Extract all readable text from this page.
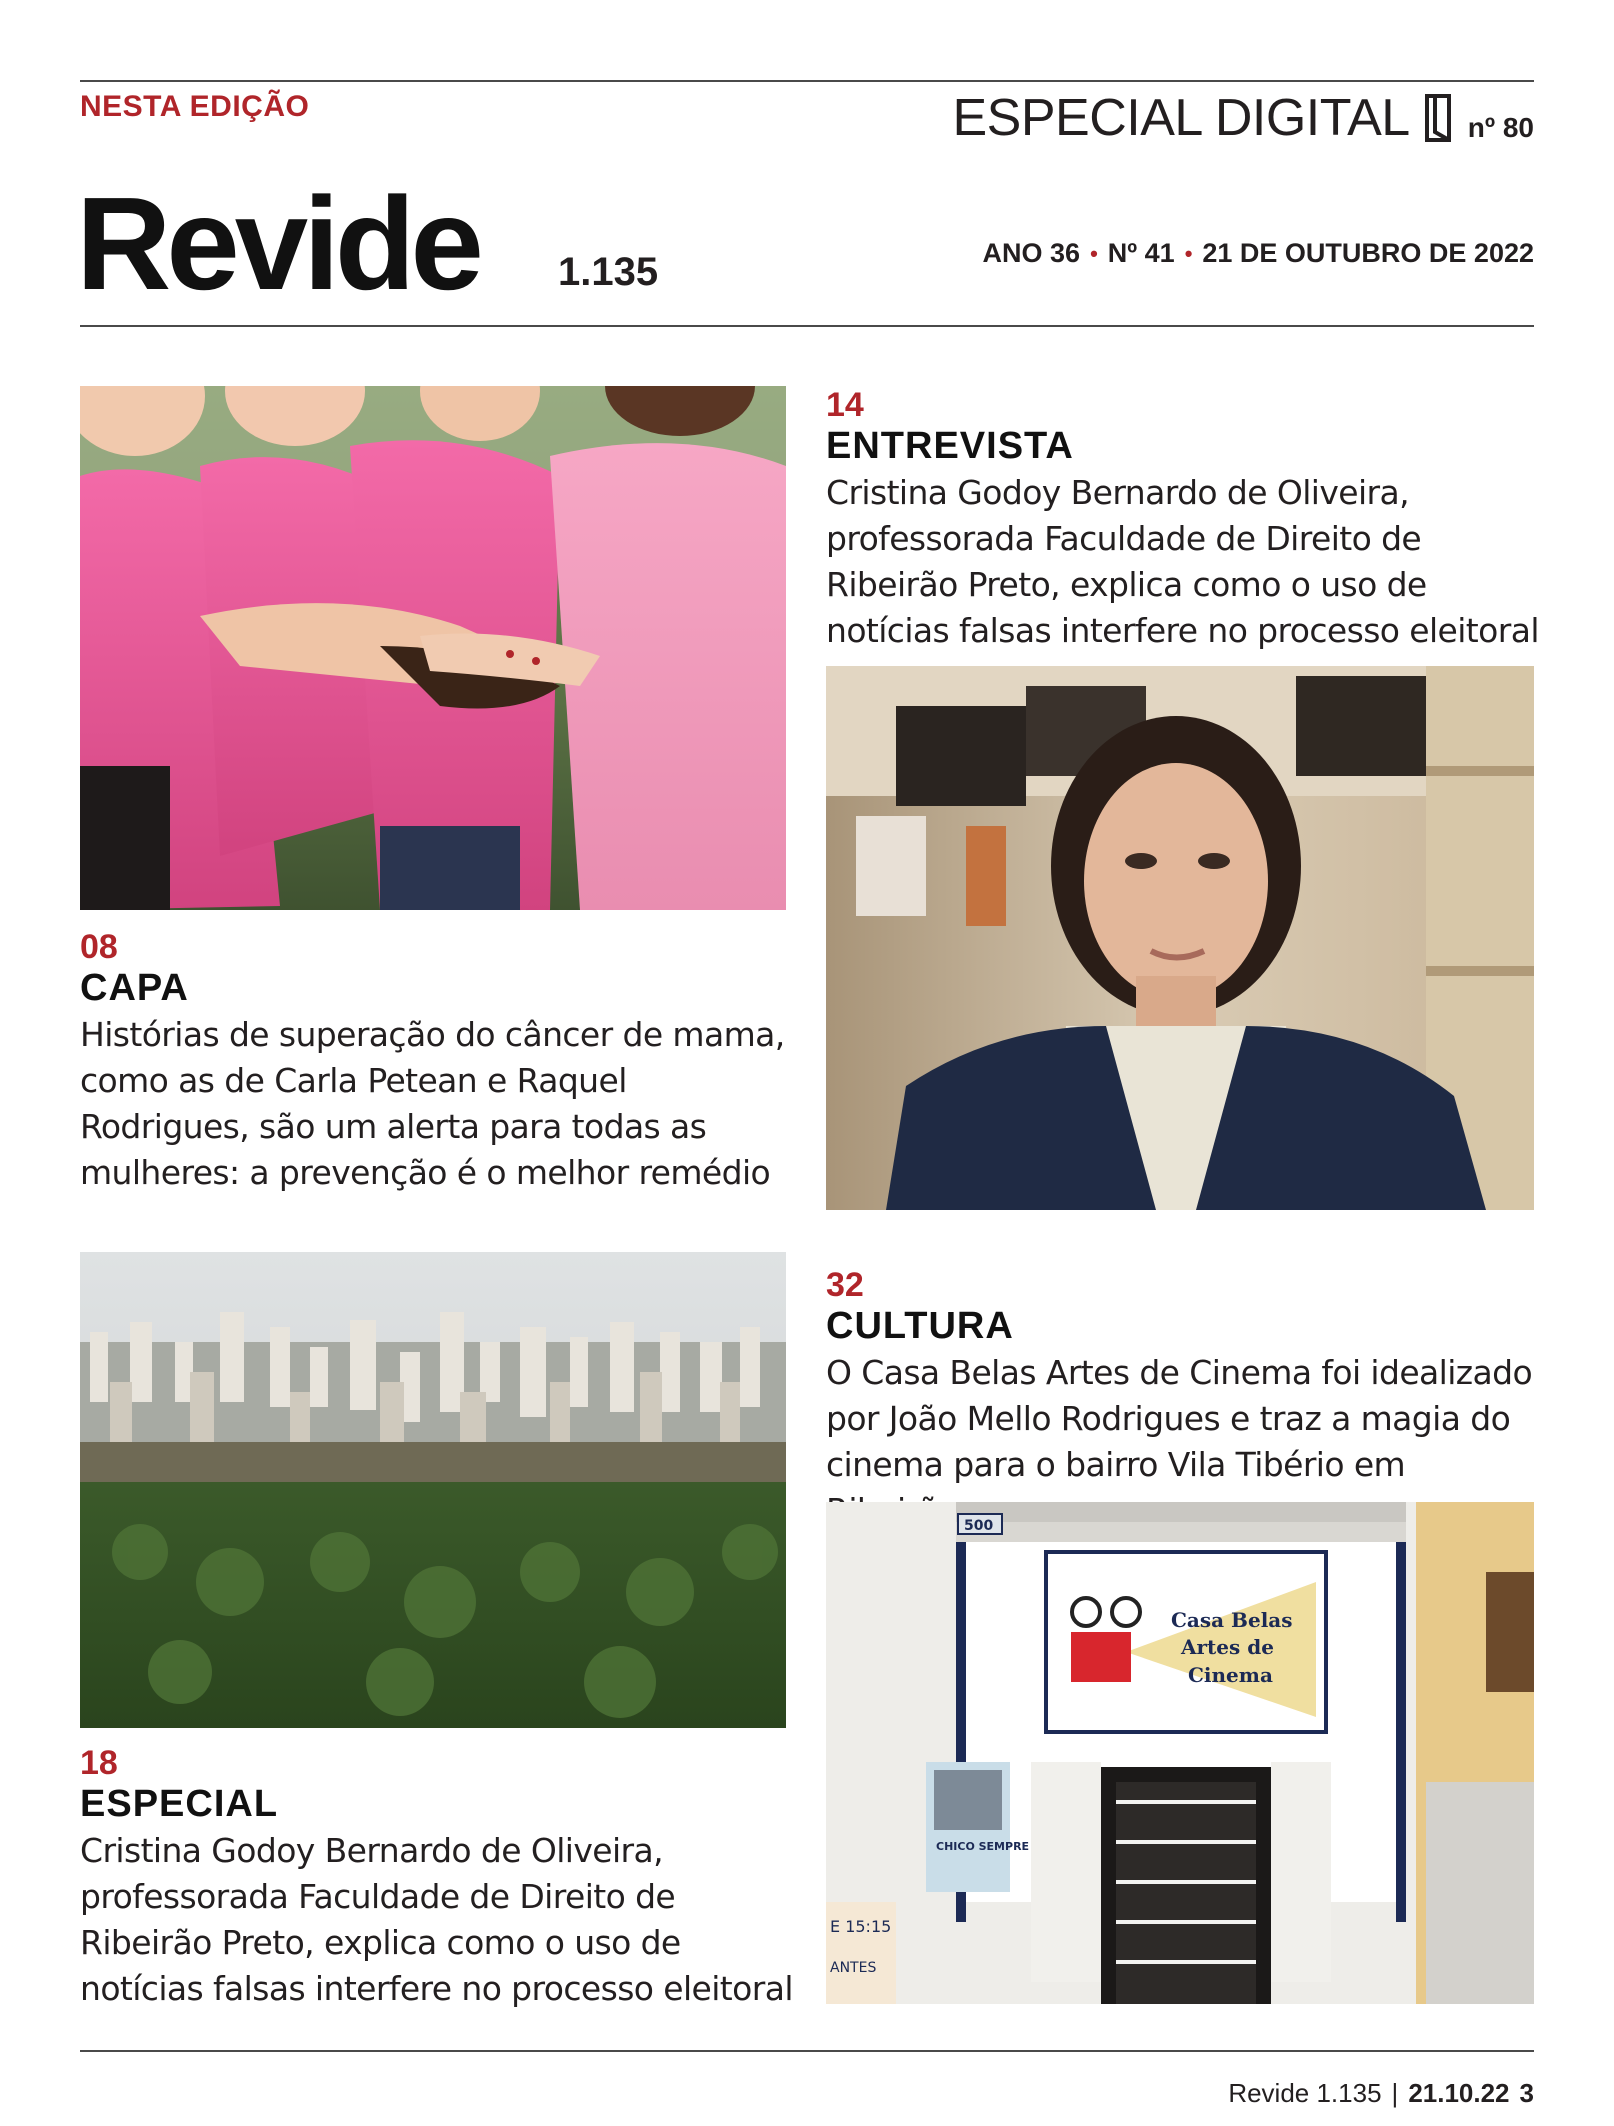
NESTA EDIÇÃO	ESPECIAL DIGITAL nº 80
Revide 1.135	ANO 36 • Nº 41 • 21 DE OUTUBRO DE 2022
08
CAPA
Histórias de superação do câncer de mama, como as de Carla Petean e Raquel Rodrigues, são um alerta para todas as mulheres: a prevenção é o melhor remédio
14
ENTREVISTA
Cristina Godoy Bernardo de Oliveira, professorada Faculdade de Direito de Ribeirão Preto, explica como o uso de notícias falsas interfere no processo eleitoral
18
ESPECIAL
Cristina Godoy Bernardo de Oliveira, professorada Faculdade de Direito de Ribeirão Preto, explica como o uso de notícias falsas interfere no processo eleitoral
32
CULTURA
O Casa Belas Artes de Cinema foi idealizado por João Mello Rodrigues e traz a magia do cinema para o bairro Vila Tibério em
Casa Belas
Artes de
Cinema
500
CHICO SEMPRE
E 15:15
ANTES
Revide 1.135 | 21.10.22 3
